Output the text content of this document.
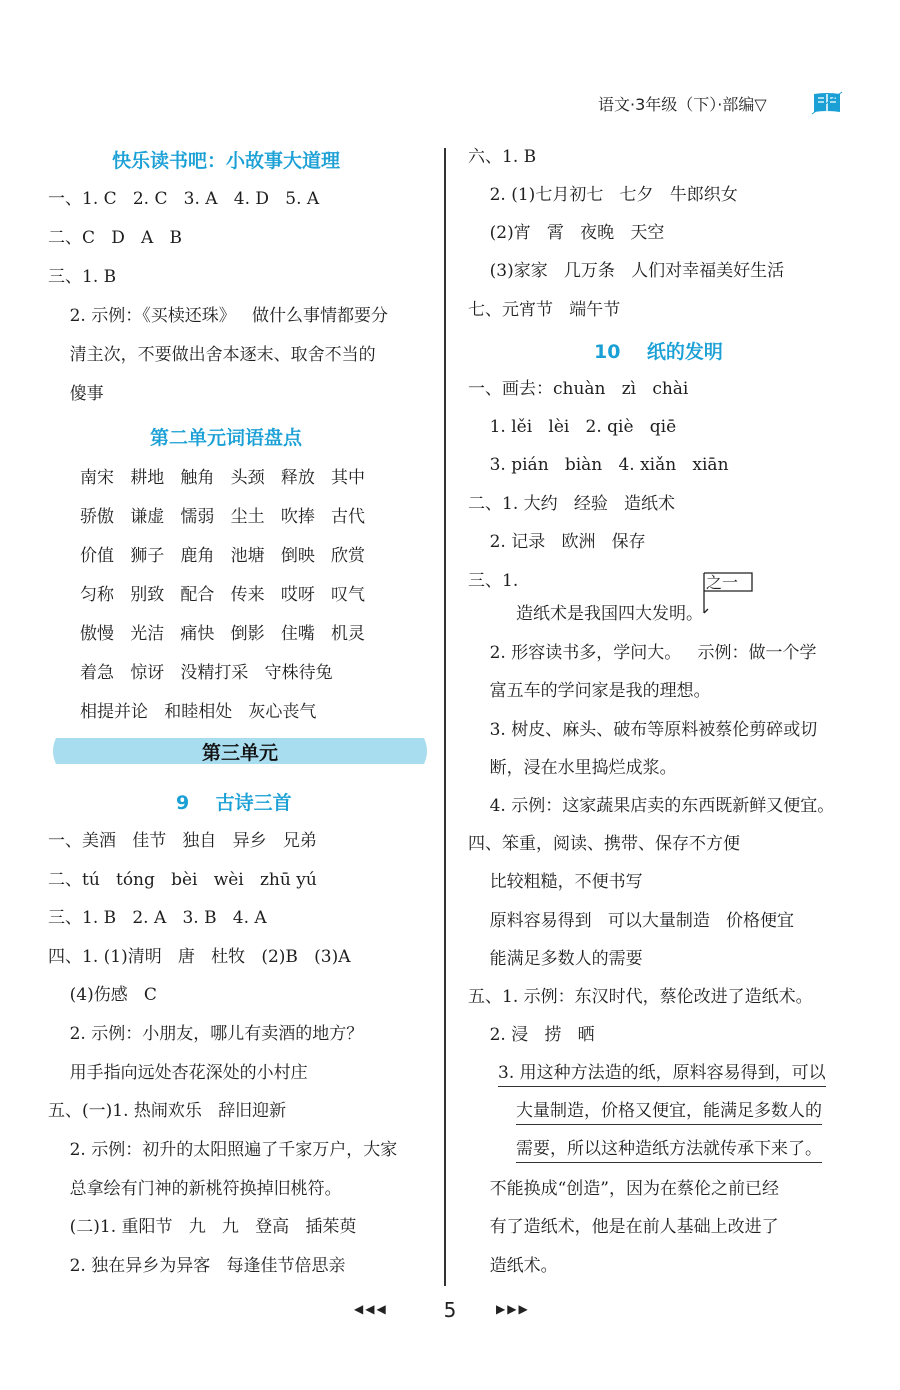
语文·3年级（下）·部编▽
快乐读书吧：小故事大道理
一、1. C   2. C   3. A   4. D   5. A
二、C   D   A   B
三、1. B
2. 示例：《买椟还珠》   做什么事情都要分
清主次，不要做出舍本逐末、取舍不当的
傻事
第二单元词语盘点
南宋   耕地   触角   头颈   释放   其中
骄傲   谦虚   懦弱   尘土   吹捧   古代
价值   狮子   鹿角   池塘   倒映   欣赏
匀称   别致   配合   传来   哎呀   叹气
傲慢   光洁   痛快   倒影   住嘴   机灵
着急   惊讶   没精打采   守株待兔
相提并论   和睦相处   灰心丧气
第三单元
9    古诗三首
一、美酒   佳节   独自   异乡   兄弟
二、tú   tóng   bèi   wèi   zhū yú
三、1. B   2. A   3. B   4. A
四、1. (1)清明   唐   杜牧   (2)B   (3)A
(4)伤感   C
2. 示例：小朋友，哪儿有卖酒的地方？
用手指向远处杏花深处的小村庄
五、(一)1. 热闹欢乐   辞旧迎新
2. 示例：初升的太阳照遍了千家万户，大家
总拿绘有门神的新桃符换掉旧桃符。
(二)1. 重阳节   九   九   登高   插茱萸
2. 独在异乡为异客   每逢佳节倍思亲
六、1. B
2. (1)七月初七   七夕   牛郎织女
(2)宵   霄   夜晚   天空
(3)家家   几万条   人们对幸福美好生活
七、元宵节   端午节
10    纸的发明
一、画去：chuàn   zì   chài
1. lěi   lèi   2. qiè   qiē
3. pián   biàn   4. xiǎn   xiān
二、1. 大约   经验   造纸术
2. 记录   欧洲   保存
三、1.
造纸术是我国四大发明。
2. 形容读书多，学问大。   示例：做一个学
富五车的学问家是我的理想。
3. 树皮、麻头、破布等原料被蔡伦剪碎或切
断，浸在水里捣烂成浆。
4. 示例：这家蔬果店卖的东西既新鲜又便宜。
四、笨重，阅读、携带、保存不方便
比较粗糙，不便书写
原料容易得到   可以大量制造   价格便宜
能满足多数人的需要
五、1. 示例：东汉时代，蔡伦改进了造纸术。
2. 浸   捞   晒
3. 用这种方法造的纸，原料容易得到，可以
大量制造，价格又便宜，能满足多数人的
需要，所以这种造纸方法就传承下来了。
不能换成“创造”，因为在蔡伦之前已经
有了造纸术，他是在前人基础上改进了
造纸术。
之一
◀◀◀	5	▶▶▶
